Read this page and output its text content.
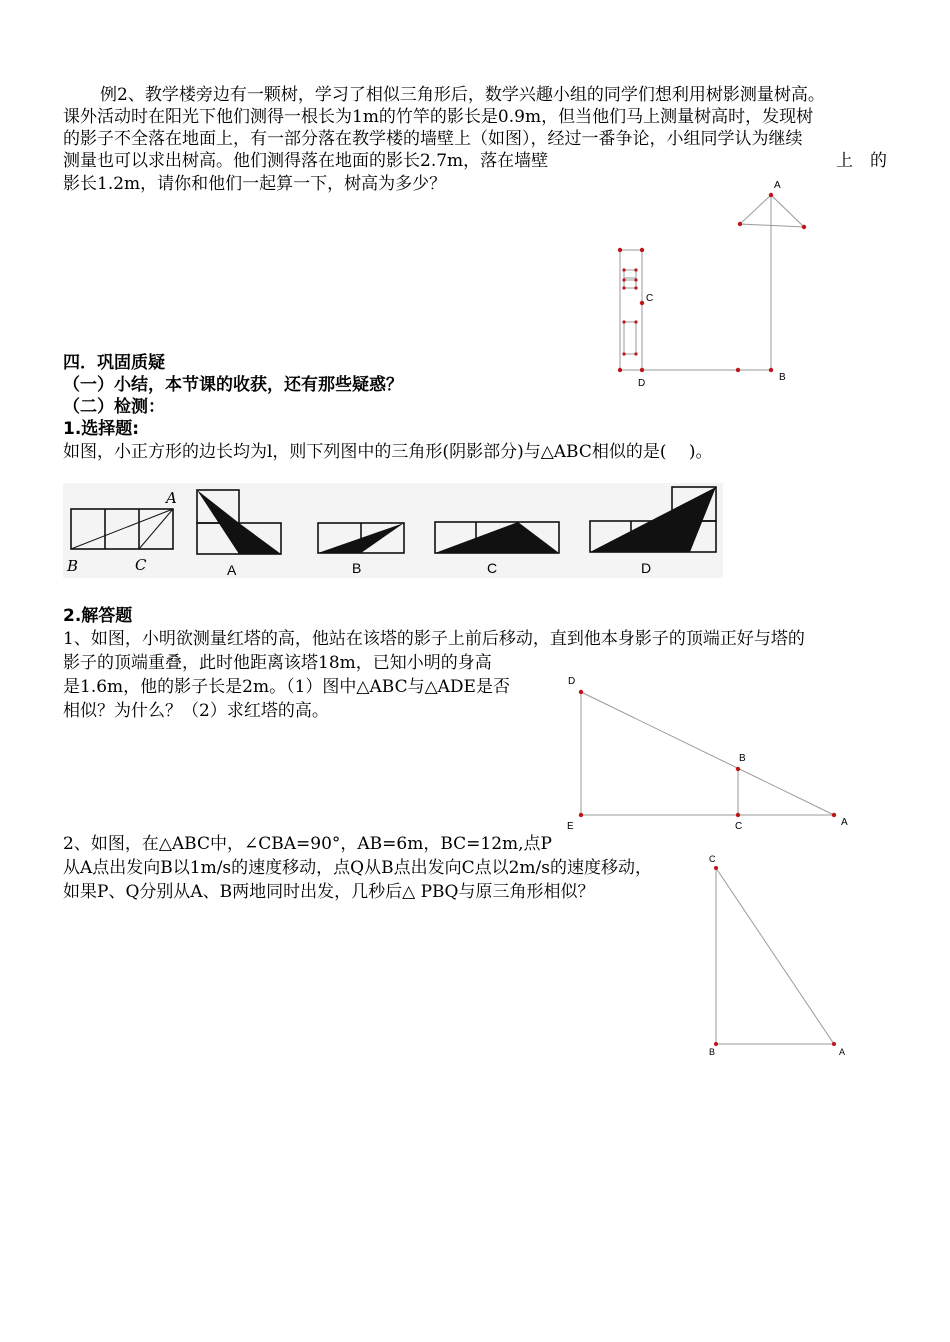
例2、教学楼旁边有一颗树，学习了相似三角形后，数学兴趣小组的同学们想利用树影测量树高。
课外活动时在阳光下他们测得一根长为1m的竹竿的影长是0.9m，但当他们马上测量树高时，发现树
的影子不全落在地面上，有一部分落在教学楼的墙壁上（如图），经过一番争论，小组同学认为继续
测量也可以求出树高。他们测得落在地面的影长2.7m，落在墙壁	上　的
影长1.2m，请你和他们一起算一下，树高为多少？	A
B
C
D
四．巩固质疑
（一）小结，本节课的收获，还有那些疑惑？
（二）检测：
1.选择题:
如图，小正方形的边长均为l，则下列图中的三角形(阴影部分)与△ABC相似的是(　 )。
A
B	C	A	B	C	D
2.解答题
1、如图，小明欲测量红塔的高，他站在该塔的影子上前后移动，直到他本身影子的顶端正好与塔的
影子的顶端重叠，此时他距离该塔18m，已知小明的身高
是1.6m，他的影子长是2m。（1）图中△ABC与△ADE是否
相似？为什么？（2）求红塔的高。
D
B
E	C	A
2、如图，在△ABC中，∠CBA=90°，AB=6m，BC=12m,点P
从A点出发向B以1m/s的速度移动，点Q从B点出发向C点以2m/s的速度移动，
如果P、Q分别从A、B两地同时出发，几秒后△ PBQ与原三角形相似？
C
B	A
